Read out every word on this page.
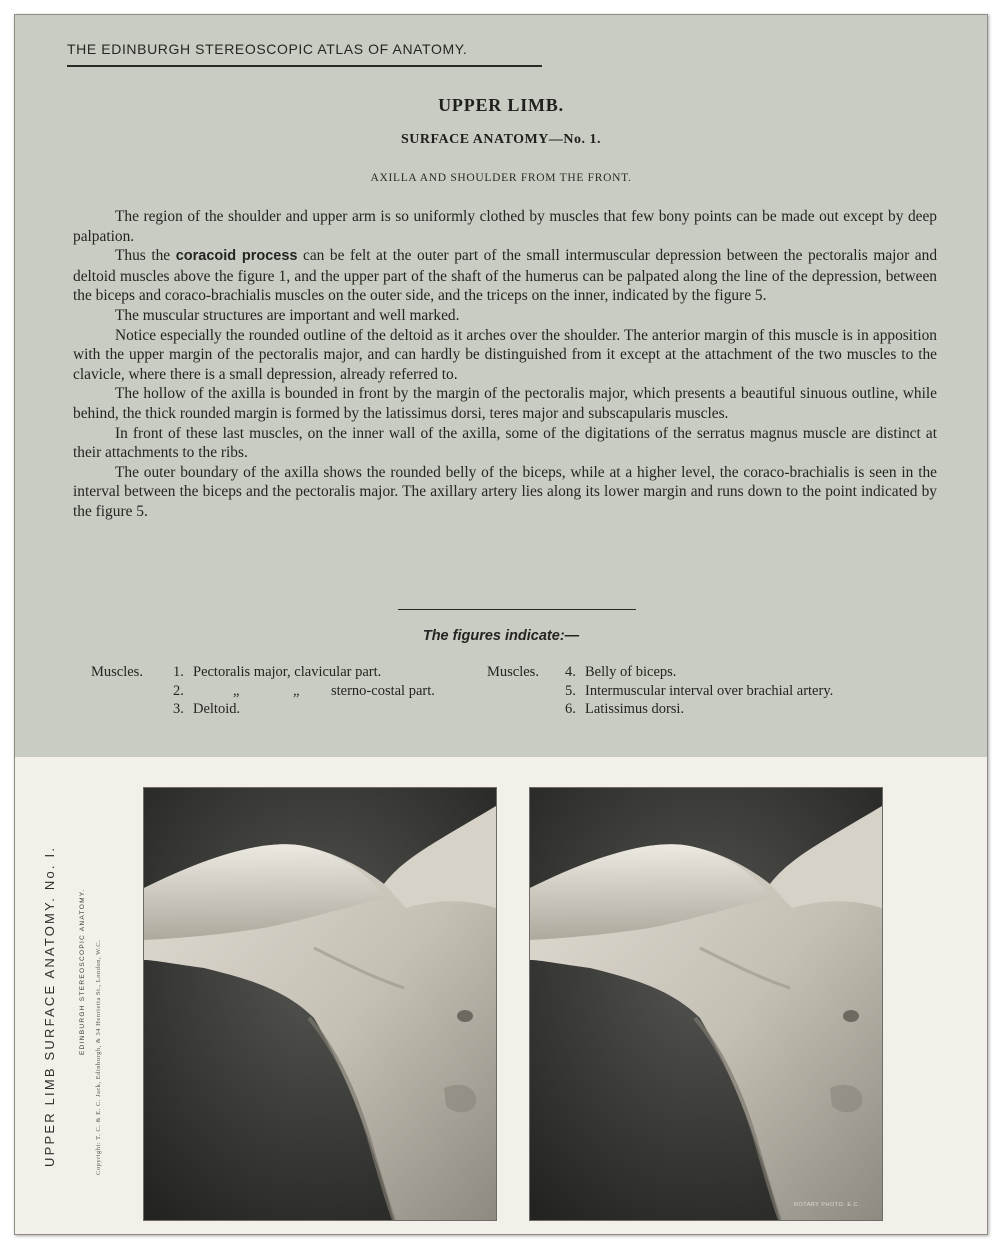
THE EDINBURGH STEREOSCOPIC ATLAS OF ANATOMY.
UPPER LIMB.
SURFACE ANATOMY—No. 1.
AXILLA AND SHOULDER FROM THE FRONT.

The region of the shoulder and upper arm is so uniformly clothed by muscles that few bony points can be made out except by deep palpation.

Thus the coracoid process can be felt at the outer part of the small intermuscular depression between the pectoralis major and deltoid muscles above the figure 1, and the upper part of the shaft of the humerus can be palpated along the line of the depression, between the biceps and coraco-brachialis muscles on the outer side, and the triceps on the inner, indicated by the figure 5.

The muscular structures are important and well marked.

Notice especially the rounded outline of the deltoid as it arches over the shoulder. The anterior margin of this muscle is in apposition with the upper margin of the pectoralis major, and can hardly be distinguished from it except at the attachment of the two muscles to the clavicle, where there is a small depression, already referred to.

The hollow of the axilla is bounded in front by the margin of the pectoralis major, which presents a beautiful sinuous outline, while behind, the thick rounded margin is formed by the latissimus dorsi, teres major and subscapularis muscles.

In front of these last muscles, on the inner wall of the axilla, some of the digitations of the serratus magnus muscle are distinct at their attachments to the ribs.

The outer boundary of the axilla shows the rounded belly of the biceps, while at a higher level, the coraco-brachialis is seen in the interval between the biceps and the pectoralis major. The axillary artery lies along its lower margin and runs down to the point indicated by the figure 5.

The figures indicate:—
Muscles. 1. Pectoralis major, clavicular part.
2.	„	„ sterno-costal part.
3. Deltoid.
Muscles. 4. Belly of biceps.
5. Intermuscular interval over brachial artery.
6. Latissimus dorsi.
UPPER LIMB SURFACE ANATOMY. No. I.	EDINBURGH STEREOSCOPIC ANATOMY. Copyright: T. C. & E. C. Jack, Edinburgh, & 34 Henrietta St., London, W.C.
ROTARY PHOTO. E.C.
